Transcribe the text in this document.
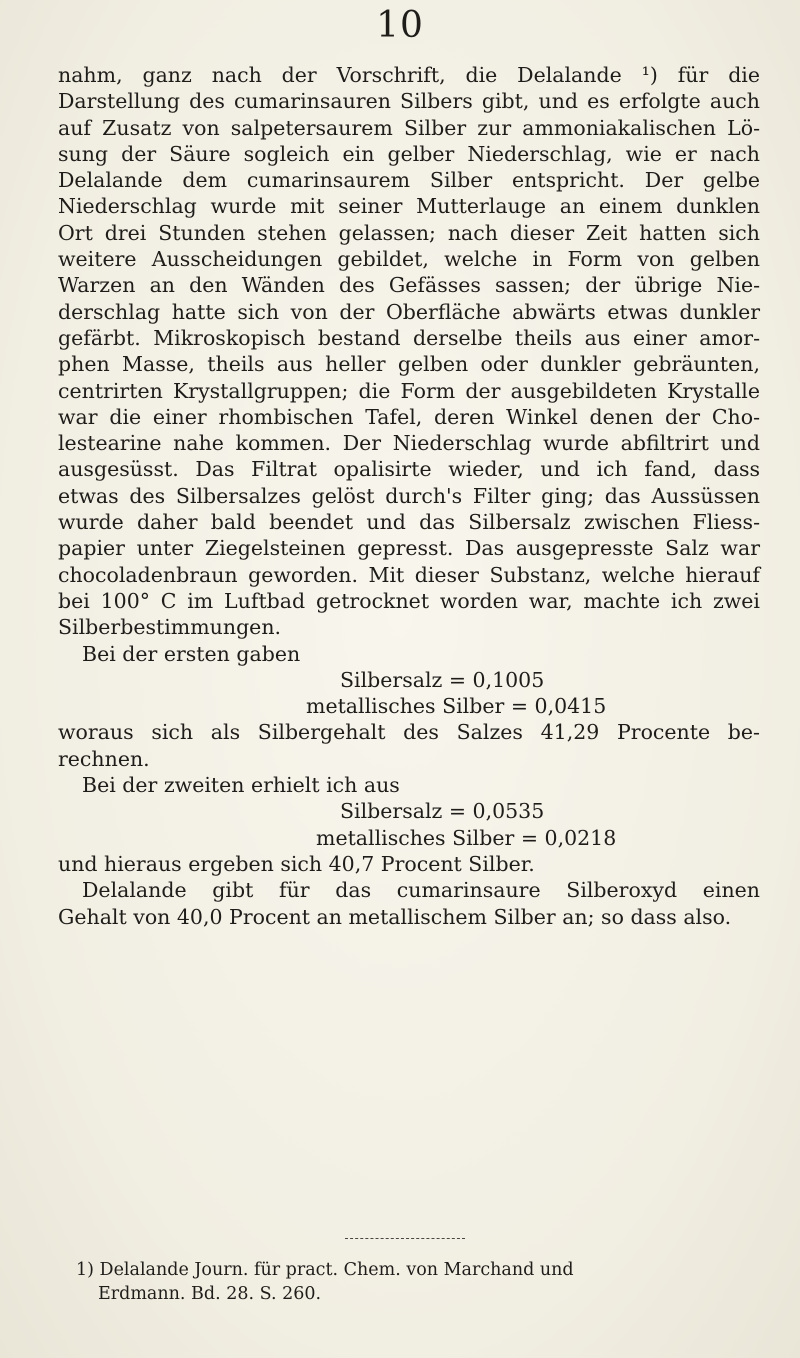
10
nahm, ganz nach der Vorschrift, die Delalande ¹) für die
Darstellung des cumarinsauren Silbers gibt, und es erfolgte auch
auf Zusatz von salpetersaurem Silber zur ammoniakalischen Lö-
sung der Säure sogleich ein gelber Niederschlag, wie er nach
Delalande dem cumarinsaurem Silber entspricht. Der gelbe
Niederschlag wurde mit seiner Mutterlauge an einem dunklen
Ort drei Stunden stehen gelassen; nach dieser Zeit hatten sich
weitere Ausscheidungen gebildet, welche in Form von gelben
Warzen an den Wänden des Gefässes sassen; der übrige Nie-
derschlag hatte sich von der Oberfläche abwärts etwas dunkler
gefärbt. Mikroskopisch bestand derselbe theils aus einer amor-
phen Masse, theils aus heller gelben oder dunkler gebräunten,
centrirten Krystallgruppen; die Form der ausgebildeten Krystalle
war die einer rhombischen Tafel, deren Winkel denen der Cho-
lestearine nahe kommen. Der Niederschlag wurde abfiltrirt und
ausgesüsst. Das Filtrat opalisirte wieder, und ich fand, dass
etwas des Silbersalzes gelöst durch's Filter ging; das Aussüssen
wurde daher bald beendet und das Silbersalz zwischen Fliess-
papier unter Ziegelsteinen gepresst. Das ausgepresste Salz war
chocoladenbraun geworden. Mit dieser Substanz, welche hierauf
bei 100° C im Luftbad getrocknet worden war, machte ich zwei
Silberbestimmungen.
Bei der ersten gaben
Silbersalz = 0,1005
metallisches Silber = 0,0415
woraus sich als Silbergehalt des Salzes 41,29 Procente be-
rechnen.
Bei der zweiten erhielt ich aus
Silbersalz = 0,0535
metallisches Silber = 0,0218
und hieraus ergeben sich 40,7 Procent Silber.
Delalande gibt für das cumarinsaure Silberoxyd einen
Gehalt von 40,0 Procent an metallischem Silber an; so dass also.
1) Delalande Journ. für pract. Chem. von Marchand und
Erdmann. Bd. 28. S. 260.
